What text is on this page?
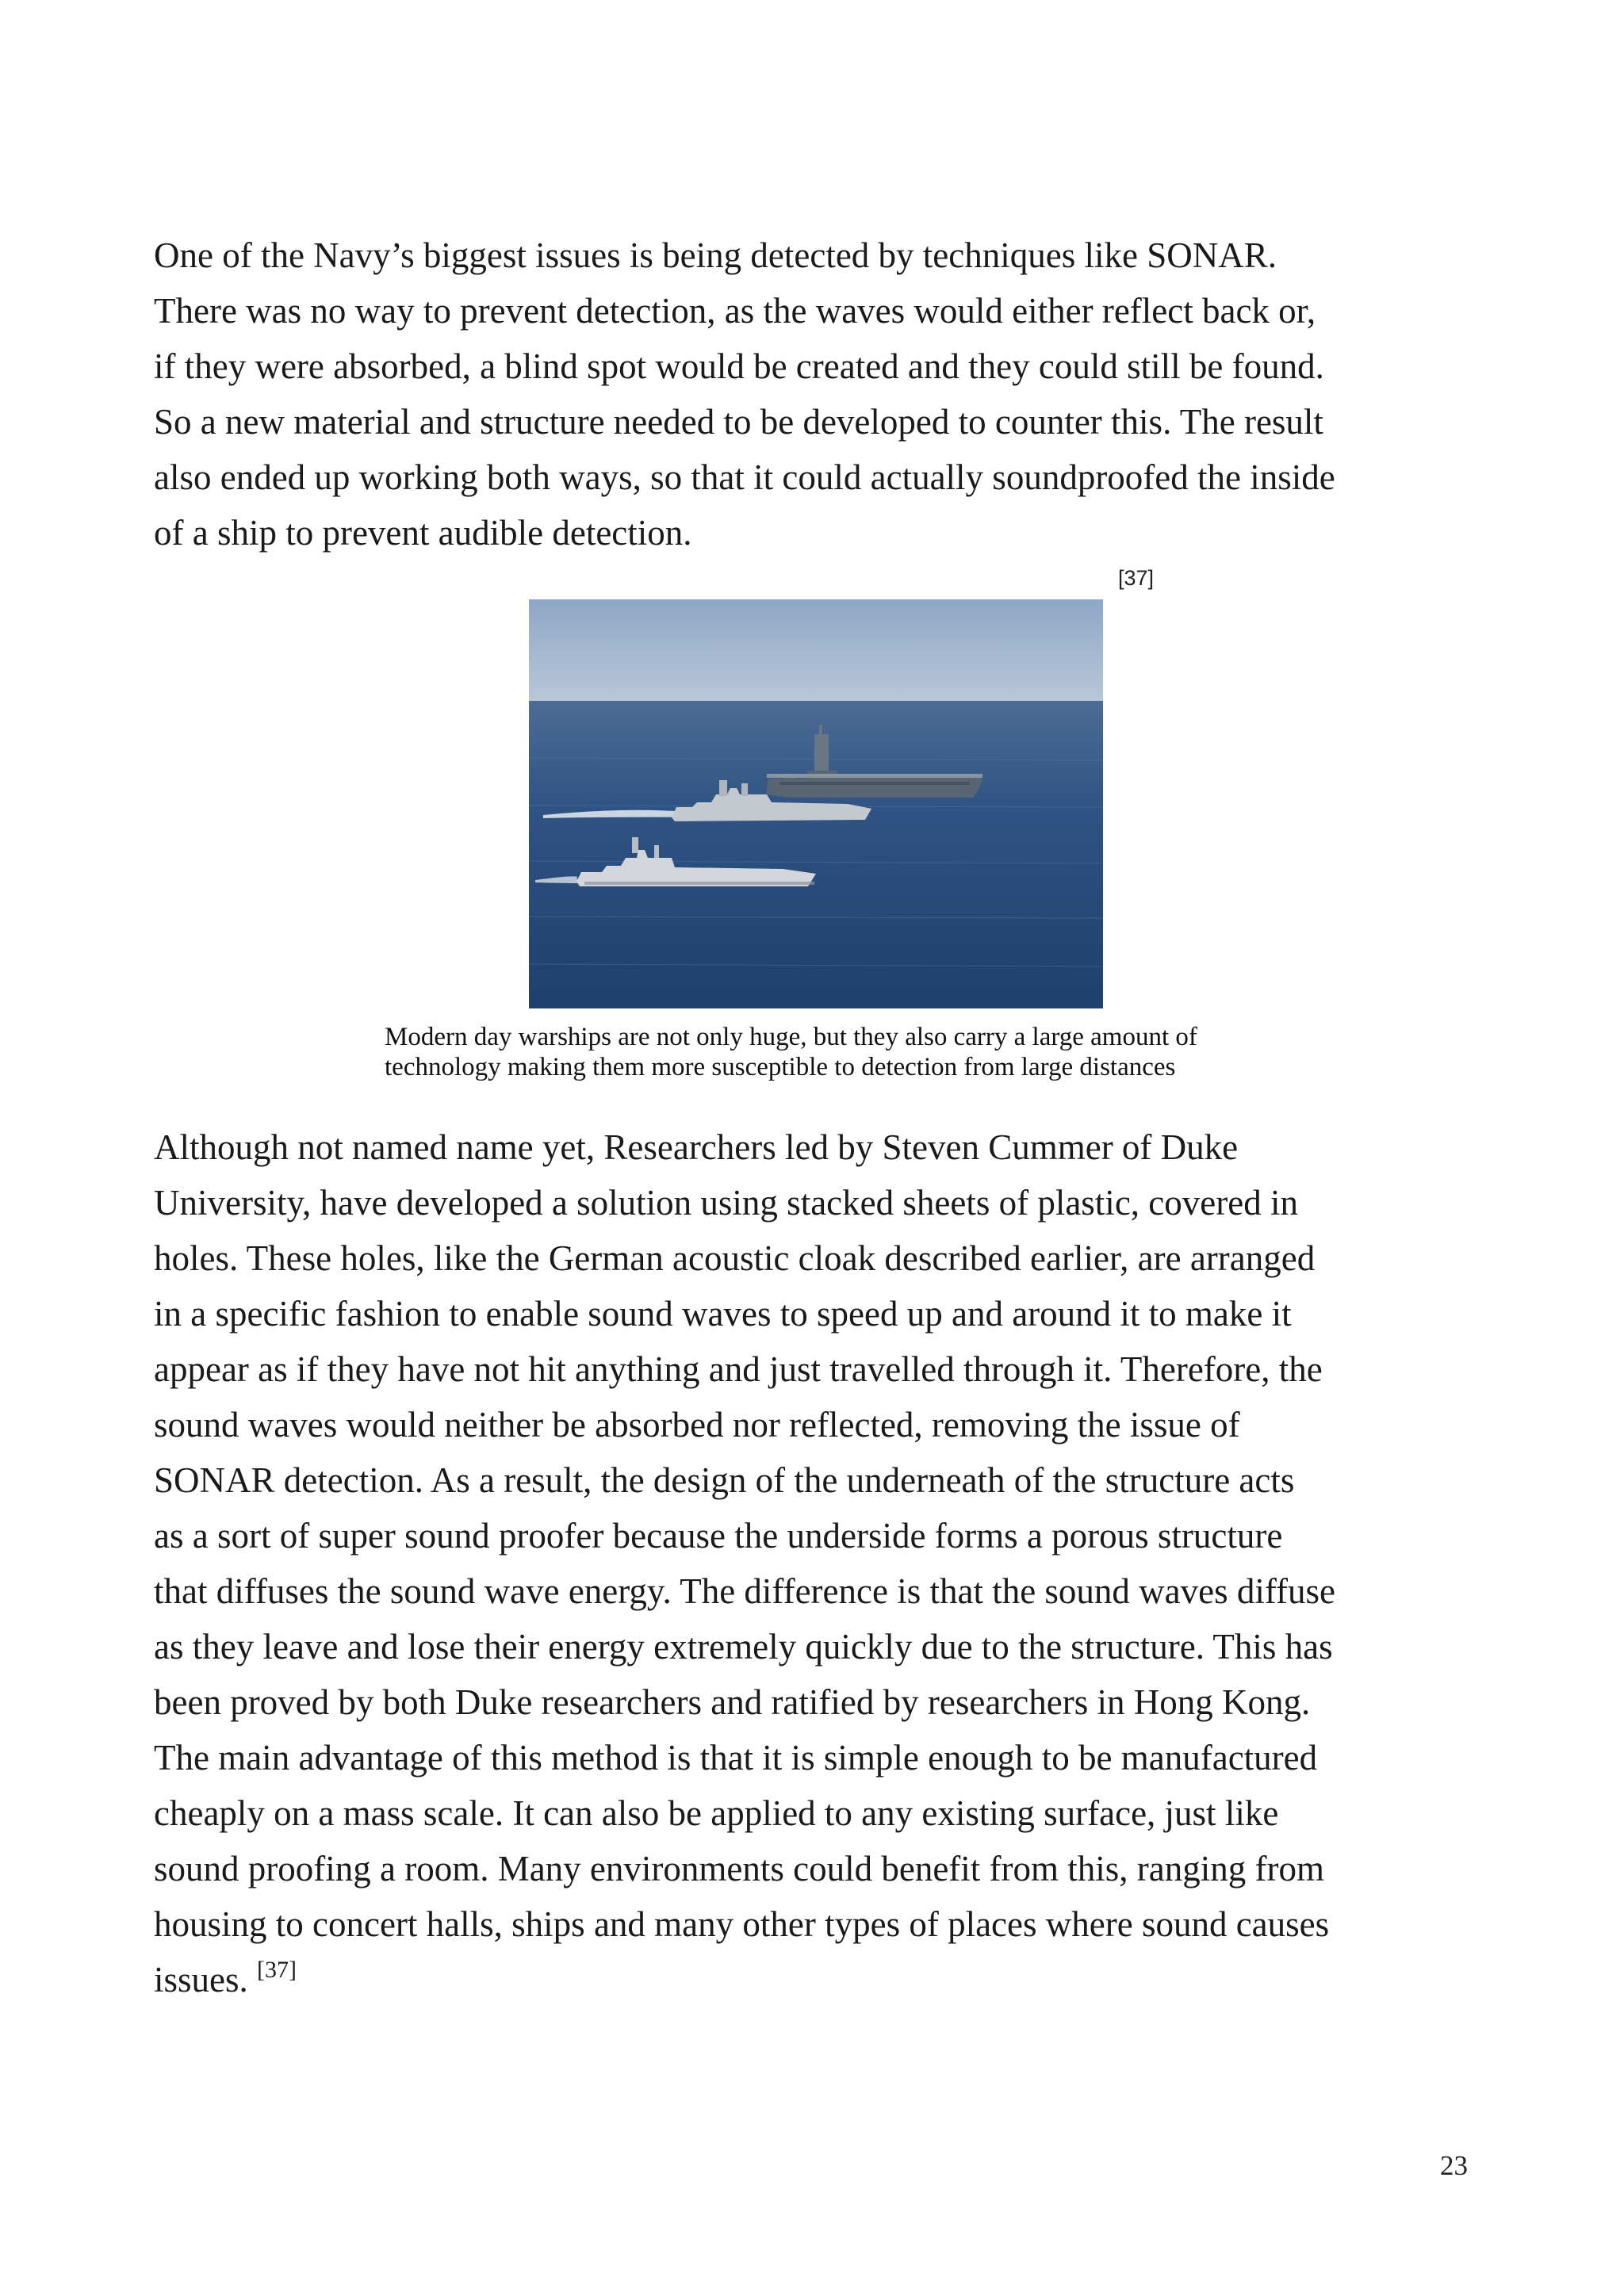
One of the Navy’s biggest issues is being detected by techniques like SONAR.
There was no way to prevent detection, as the waves would either reflect back or,
if they were absorbed, a blind spot would be created and they could still be found.
So a new material and structure needed to be developed to counter this. The result
also ended up working both ways, so that it could actually soundproofed the inside
of a ship to prevent audible detection.
[37]
Modern day warships are not only huge, but they also carry a large amount of
technology making them more susceptible to detection from large distances
Although not named name yet, Researchers led by Steven Cummer of Duke
University, have developed a solution using stacked sheets of plastic, covered in
holes. These holes, like the German acoustic cloak described earlier, are arranged
in a specific fashion to enable sound waves to speed up and around it to make it
appear as if they have not hit anything and just travelled through it. Therefore, the
sound waves would neither be absorbed nor reflected, removing the issue of
SONAR detection. As a result, the design of the underneath of the structure acts
as a sort of super sound proofer because the underside forms a porous structure
that diffuses the sound wave energy. The difference is that the sound waves diffuse
as they leave and lose their energy extremely quickly due to the structure. This has
been proved by both Duke researchers and ratified by researchers in Hong Kong.
The main advantage of this method is that it is simple enough to be manufactured
cheaply on a mass scale. It can also be applied to any existing surface, just like
sound proofing a room. Many environments could benefit from this, ranging from
housing to concert halls, ships and many other types of places where sound causes
issues. [37]
23
